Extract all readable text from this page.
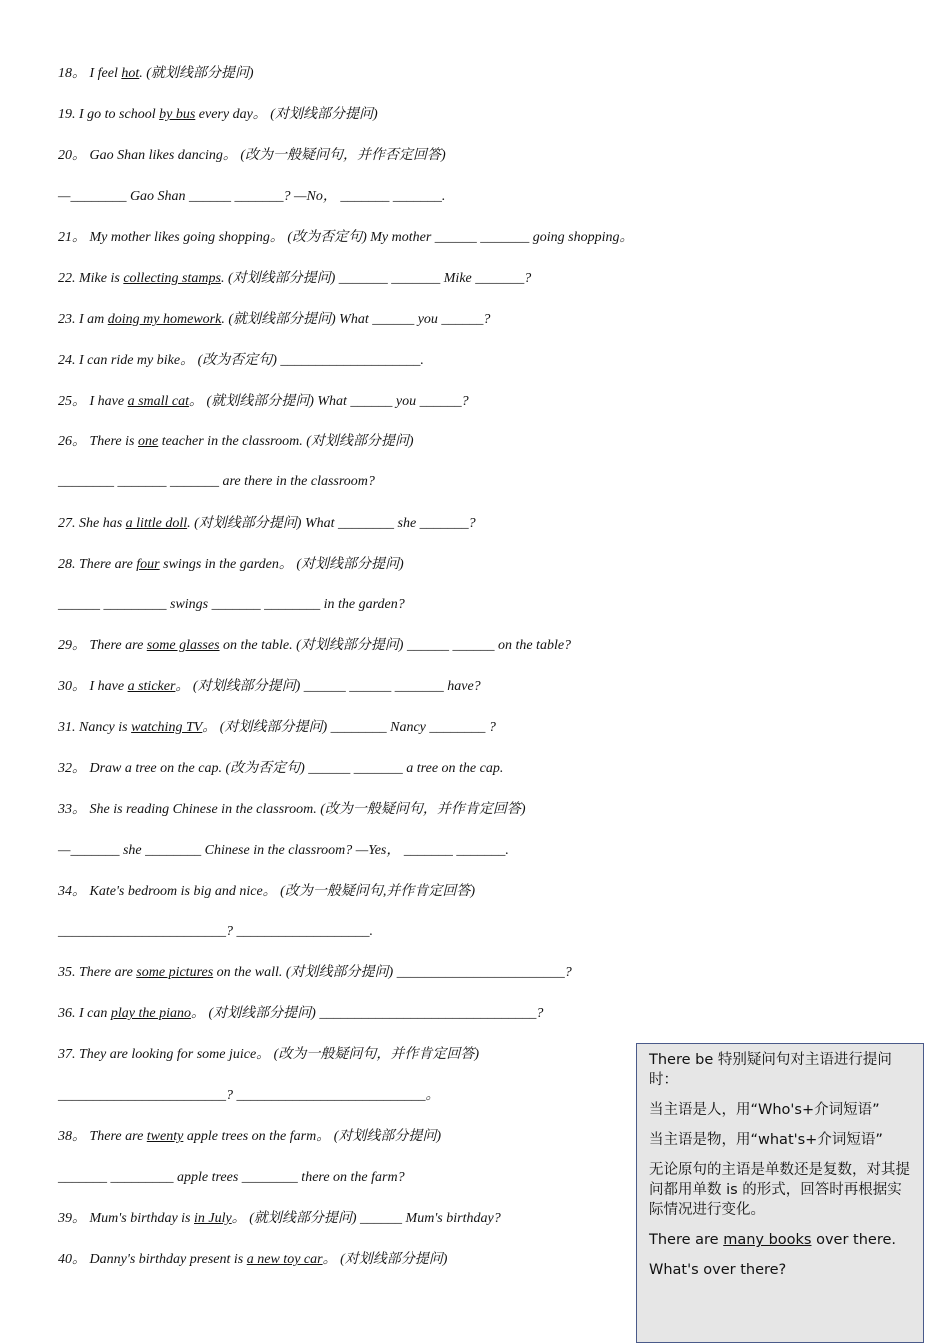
18。 I feel hot. (就划线部分提问)
19. I go to school by bus every day。 (对划线部分提问)
20。 Gao Shan likes dancing。 (改为一般疑问句，并作否定回答)
—________ Gao Shan ______ _______? —No， _______ _______.
21。 My mother likes going shopping。 (改为否定句) My mother ______ _______ going shopping。
22. Mike is collecting stamps. (对划线部分提问) _______ _______ Mike _______?
23. I am doing my homework. (就划线部分提问) What ______ you ______?
24. I can ride my bike。 (改为否定句) ____________________.
25。 I have a small cat。 (就划线部分提问) What ______ you ______?
26。 There is one teacher in the classroom. (对划线部分提问)
________ _______ _______ are there in the classroom?
27. She has a little doll. (对划线部分提问) What ________ she _______?
28. There are four swings in the garden。 (对划线部分提问)
______ _________ swings _______ ________ in the garden?
29。 There are some glasses on the table. (对划线部分提问) ______ ______ on the table?
30。 I have a sticker。 (对划线部分提问) ______ ______ _______ have?
31. Nancy is watching TV。 (对划线部分提问) ________ Nancy ________ ?
32。 Draw a tree on the cap. (改为否定句) ______ _______ a tree on the cap.
33。 She is reading Chinese in the classroom. (改为一般疑问句，并作肯定回答)
—_______ she ________ Chinese in the classroom? —Yes， _______ _______.
34。 Kate's bedroom is big and nice。 (改为一般疑问句,并作肯定回答)
________________________? ___________________.
35. There are some pictures on the wall. (对划线部分提问) ________________________?
36. I can play the piano。 (对划线部分提问) _______________________________?
37. They are looking for some juice。 (改为一般疑问句，并作肯定回答)
________________________? ___________________________。
38。 There are twenty apple trees on the farm。 (对划线部分提问)
_______ _________ apple trees ________ there on the farm?
39。 Mum's birthday is in July。 (就划线部分提问) ______ Mum's birthday?
40。 Danny's birthday present is a new toy car。 (对划线部分提问)

There be 特别疑问句对主语进行提问时：

当主语是人，用“Who's+介词短语”

当主语是物，用“what's+介词短语”

无论原句的主语是单数还是复数，对其提问都用单数 is 的形式，回答时再根据实际情况进行变化。

There are many books over there.

What's over there?
